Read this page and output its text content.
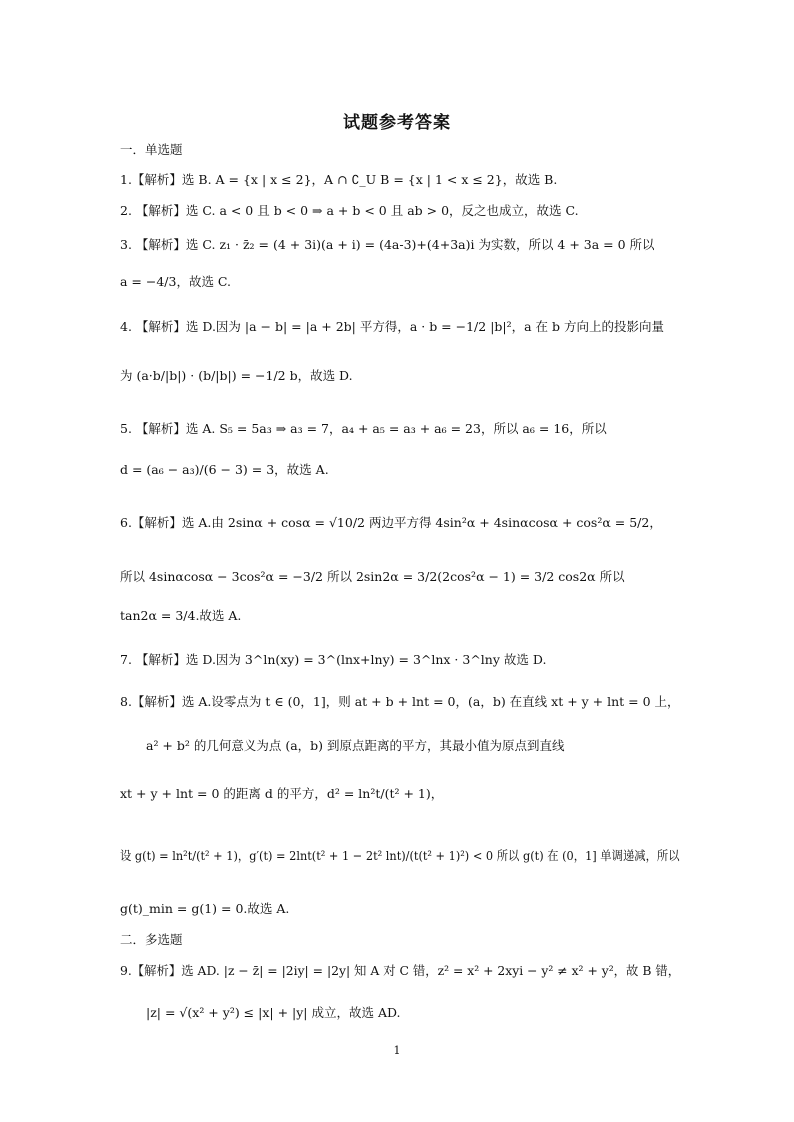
试题参考答案
一．单选题
1.【解析】选 B. A = {x | x ≤ 2}，A ∩ ∁_U B = {x | 1 < x ≤ 2}，故选 B.
2. 【解析】选 C. a < 0 且 b < 0 ⇒ a + b < 0 且 ab > 0，反之也成立，故选 C.
3. 【解析】选 C. z₁ · z̄₂ = (4 + 3i)(a + i) = (4a-3)+(4+3a)i 为实数，所以 4 + 3a = 0 所以
a = −4/3，故选 C.
4. 【解析】选 D.因为 |a − b| = |a + 2b| 平方得，a · b = −1/2 |b|²，a 在 b 方向上的投影向量
为 (a·b/|b|) · (b/|b|) = −1/2 b，故选 D.
5. 【解析】选 A. S₅ = 5a₃ ⇒ a₃ = 7，a₄ + a₅ = a₃ + a₆ = 23，所以 a₆ = 16，所以
d = (a₆ − a₃)/(6 − 3) = 3，故选 A.
6.【解析】选 A.由 2sinα + cosα = √10/2 两边平方得 4sin²α + 4sinαcosα + cos²α = 5/2，
所以 4sinαcosα − 3cos²α = −3/2 所以 2sin2α = 3/2(2cos²α − 1) = 3/2 cos2α 所以
tan2α = 3/4.故选 A.
7. 【解析】选 D.因为 3^ln(xy) = 3^(lnx+lny) = 3^lnx · 3^lny 故选 D.
8.【解析】选 A.设零点为 t ∈ (0，1]，则 at + b + lnt = 0，(a，b) 在直线 xt + y + lnt = 0 上，
a² + b² 的几何意义为点 (a，b) 到原点距离的平方，其最小值为原点到直线
xt + y + lnt = 0 的距离 d 的平方，d² = ln²t/(t² + 1)，
设 g(t) = ln²t/(t² + 1)，g′(t) = 2lnt(t² + 1 − 2t² lnt)/(t(t² + 1)²) < 0 所以 g(t) 在 (0，1] 单调递减，所以
g(t)_min = g(1) = 0.故选 A.
二．多选题
9.【解析】选 AD. |z − z̄| = |2iy| = |2y| 知 A 对 C 错，z² = x² + 2xyi − y² ≠ x² + y²，故 B 错，
|z| = √(x² + y²) ≤ |x| + |y| 成立，故选 AD.
1
